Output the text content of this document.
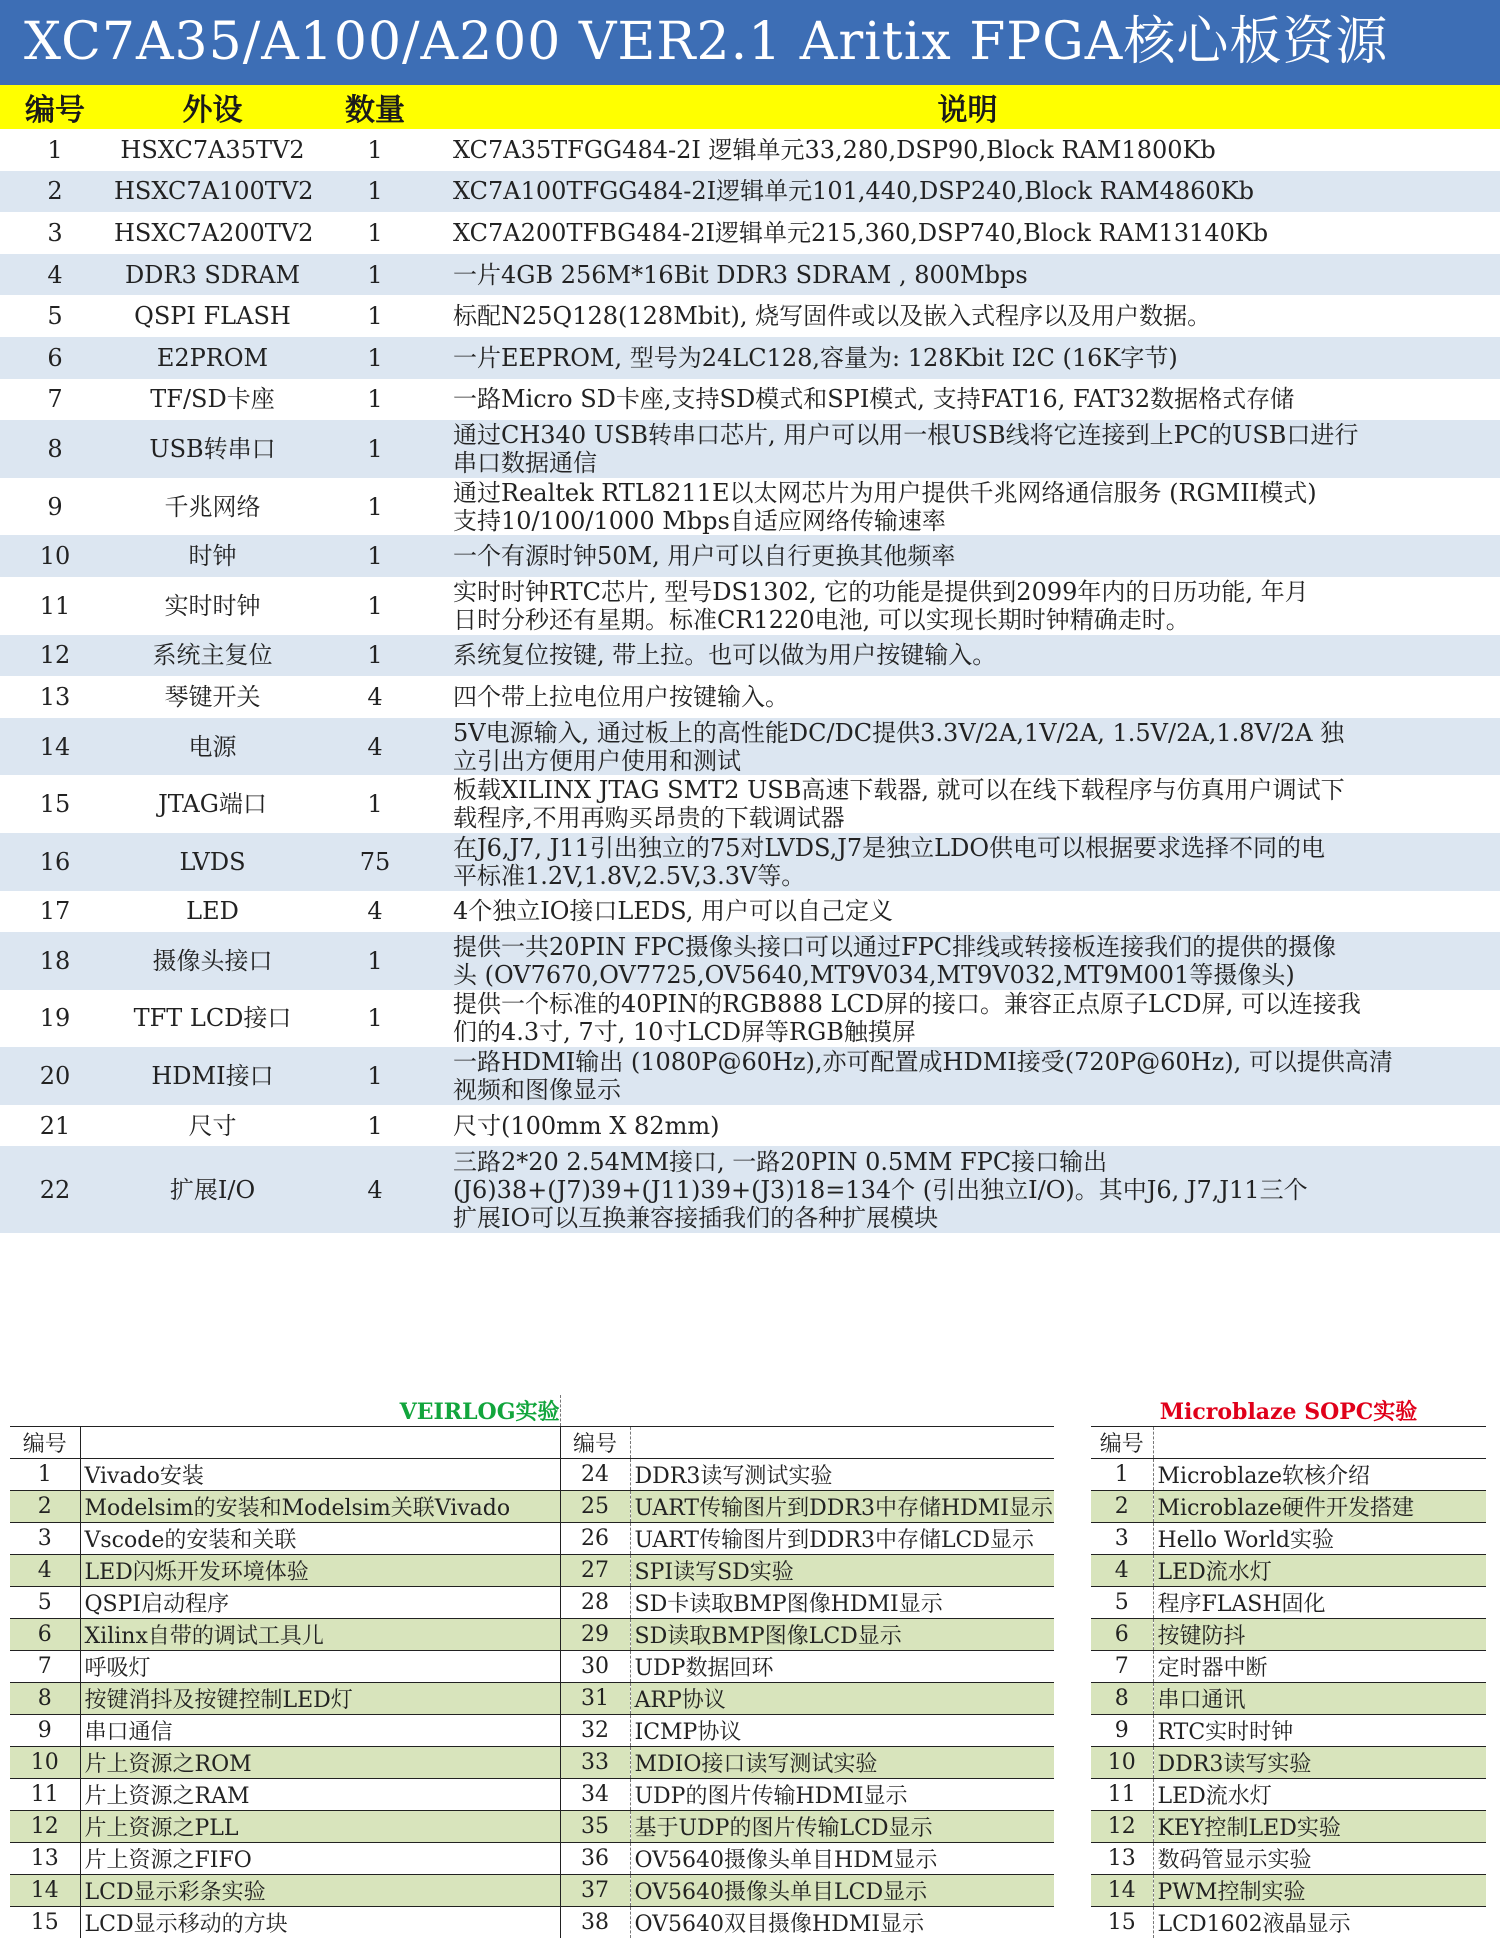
XC7A35/A100/A200 VER2.1 Aritix FPGA核心板资源
编号	外设	数量	说明
1	HSXC7A35TV2	1	XC7A35TFGG484-2I 逻辑单元33,280,DSP90,Block RAM1800Kb

2	HSXC7A100TV2	1	XC7A100TFGG484-2I逻辑单元101,440,DSP240,Block RAM4860Kb

3	HSXC7A200TV2	1	XC7A200TFBG484-2I逻辑单元215,360,DSP740,Block RAM13140Kb

4	DDR3 SDRAM	1	一片4GB 256M*16Bit DDR3 SDRAM , 800Mbps

5	QSPI FLASH	1	标配N25Q128(128Mbit), 烧写固件或以及嵌入式程序以及用户数据。

6	E2PROM	1	一片EEPROM, 型号为24LC128,容量为: 128Kbit I2C (16K字节)

7	TF/SD卡座	1	一路Micro SD卡座,支持SD模式和SPI模式, 支持FAT16, FAT32数据格式存储

8	USB转串口	1	通过CH340 USB转串口芯片, 用户可以用一根USB线将它连接到上PC的USB口进行
串口数据通信

9	千兆网络	1	通过Realtek RTL8211E以太网芯片为用户提供千兆网络通信服务 (RGMII模式)
支持10/100/1000 Mbps自适应网络传输速率

10	时钟	1	一个有源时钟50M, 用户可以自行更换其他频率

11	实时时钟	1	实时时钟RTC芯片, 型号DS1302, 它的功能是提供到2099年内的日历功能, 年月
日时分秒还有星期。标准CR1220电池, 可以实现长期时钟精确走时。

12	系统主复位	1	系统复位按键, 带上拉。也可以做为用户按键输入。

13	琴键开关	4	四个带上拉电位用户按键输入。

14	电源	4	5V电源输入, 通过板上的高性能DC/DC提供3.3V/2A,1V/2A, 1.5V/2A,1.8V/2A 独
立引出方便用户使用和测试

15	JTAG端口	1	板载XILINX JTAG SMT2 USB高速下载器, 就可以在线下载程序与仿真用户调试下
载程序,不用再购买昂贵的下载调试器

16	LVDS	75	在J6,J7, J11引出独立的75对LVDS,J7是独立LDO供电可以根据要求选择不同的电
平标准1.2V,1.8V,2.5V,3.3V等。

17	LED	4	4个独立IO接口LEDS, 用户可以自己定义

18	摄像头接口	1	提供一共20PIN FPC摄像头接口可以通过FPC排线或转接板连接我们的提供的摄像
头 (OV7670,OV7725,OV5640,MT9V034,MT9V032,MT9M001等摄像头)

19	TFT LCD接口	1	提供一个标准的40PIN的RGB888 LCD屏的接口。兼容正点原子LCD屏, 可以连接我
们的4.3寸, 7寸, 10寸LCD屏等RGB触摸屏

20	HDMI接口	1	一路HDMI输出 (1080P@60Hz),亦可配置成HDMI接受(720P@60Hz), 可以提供高清
视频和图像显示

21	尺寸	1	尺寸(100mm X 82mm)

22	扩展I/O	4	三路2*20 2.54MM接口, 一路20PIN 0.5MM FPC接口输出
(J6)38+(J7)39+(J11)39+(J3)18=134个 (引出独立I/O)。其中J6, J7,J11三个
扩展IO可以互换兼容接插我们的各种扩展模块
VEIRLOG实验			
编号		编号	
1	Vivado安装	24	DDR3读写测试实验
2	Modelsim的安装和Modelsim关联Vivado	25	UART传输图片到DDR3中存储HDMI显示
3	Vscode的安装和关联	26	UART传输图片到DDR3中存储LCD显示
4	LED闪烁开发环境体验	27	SPI读写SD实验
5	QSPI启动程序	28	SD卡读取BMP图像HDMI显示
6	Xilinx自带的调试工具儿	29	SD读取BMP图像LCD显示
7	呼吸灯	30	UDP数据回环
8	按键消抖及按键控制LED灯	31	ARP协议
9	串口通信	32	ICMP协议
10	片上资源之ROM	33	MDIO接口读写测试实验
11	片上资源之RAM	34	UDP的图片传输HDMI显示
12	片上资源之PLL	35	基于UDP的图片传输LCD显示
13	片上资源之FIFO	36	OV5640摄像头单目HDM显示
14	LCD显示彩条实验	37	OV5640摄像头单目LCD显示
15	LCD显示移动的方块	38	OV5640双目摄像HDMI显示
Microblaze SOPC实验	
编号	
1	Microblaze软核介绍
2	Microblaze硬件开发搭建
3	Hello World实验
4	LED流水灯
5	程序FLASH固化
6	按键防抖
7	定时器中断
8	串口通讯
9	RTC实时时钟
10	DDR3读写实验
11	LED流水灯
12	KEY控制LED实验
13	数码管显示实验
14	PWM控制实验
15	LCD1602液晶显示
